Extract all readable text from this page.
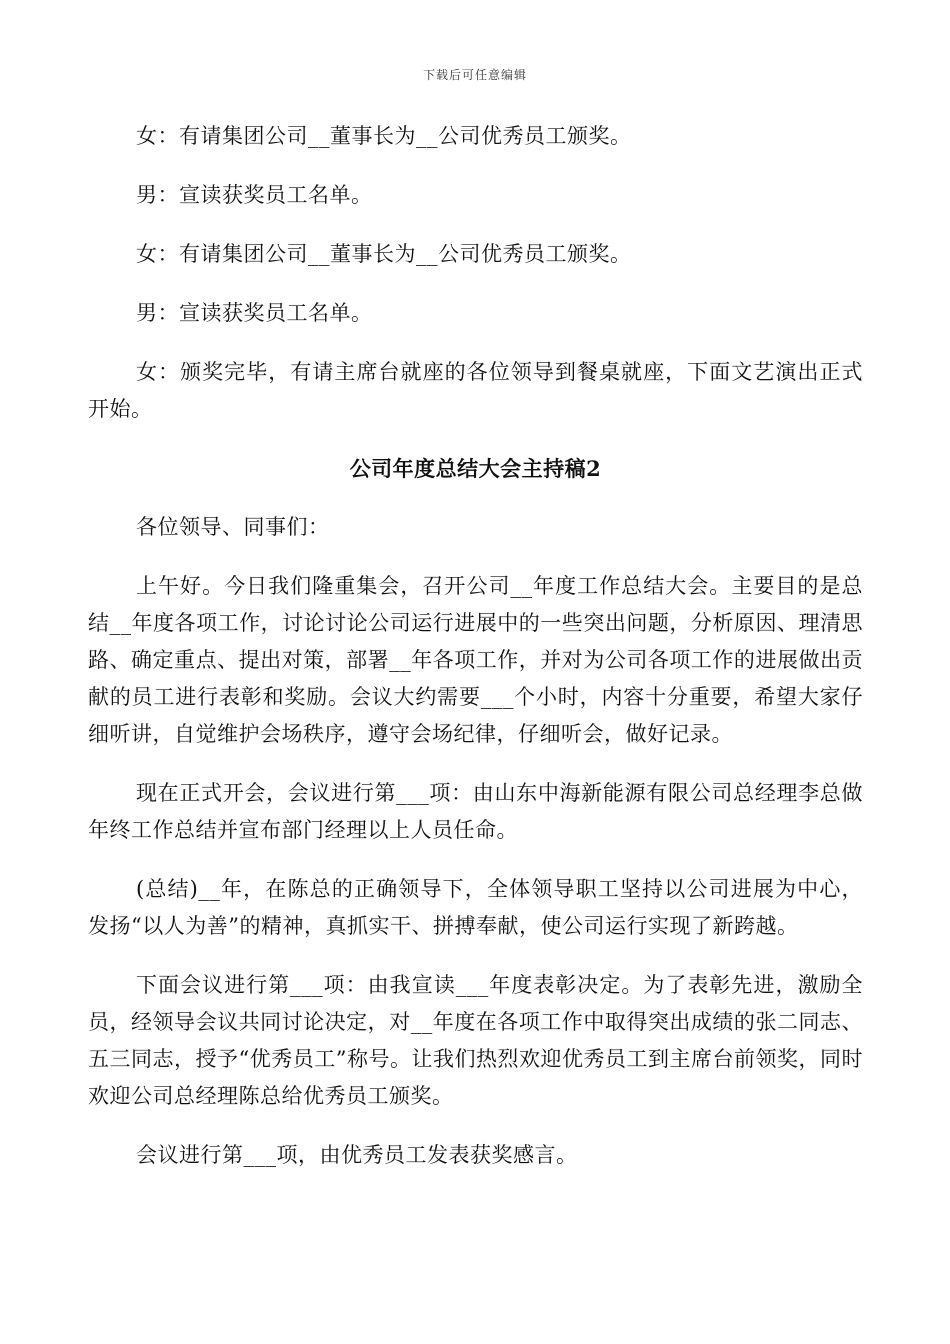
下载后可任意编辑

女：有请集团公司__董事长为__公司优秀员工颁奖。

男：宣读获奖员工名单。

女：有请集团公司__董事长为__公司优秀员工颁奖。

男：宣读获奖员工名单。

女：颁奖完毕，有请主席台就座的各位领导到餐桌就座，下面文艺演出正式开始。

公司年度总结大会主持稿2

各位领导、同事们：

上午好。今日我们隆重集会，召开公司__年度工作总结大会。主要目的是总结__年度各项工作，讨论讨论公司运行进展中的一些突出问题，分析原因、理清思路、确定重点、提出对策，部署__年各项工作，并对为公司各项工作的进展做出贡献的员工进行表彰和奖励。会议大约需要___个小时，内容十分重要，希望大家仔细听讲，自觉维护会场秩序，遵守会场纪律，仔细听会，做好记录。

现在正式开会，会议进行第___项：由山东中海新能源有限公司总经理李总做年终工作总结并宣布部门经理以上人员任命。

(总结)__年，在陈总的正确领导下，全体领导职工坚持以公司进展为中心，发扬“以人为善”的精神，真抓实干、拼搏奉献，使公司运行实现了新跨越。

下面会议进行第___项：由我宣读___年度表彰决定。为了表彰先进，激励全员，经领导会议共同讨论决定，对__年度在各项工作中取得突出成绩的张二同志、五三同志，授予“优秀员工”称号。让我们热烈欢迎优秀员工到主席台前领奖，同时欢迎公司总经理陈总给优秀员工颁奖。

会议进行第___项，由优秀员工发表获奖感言。
